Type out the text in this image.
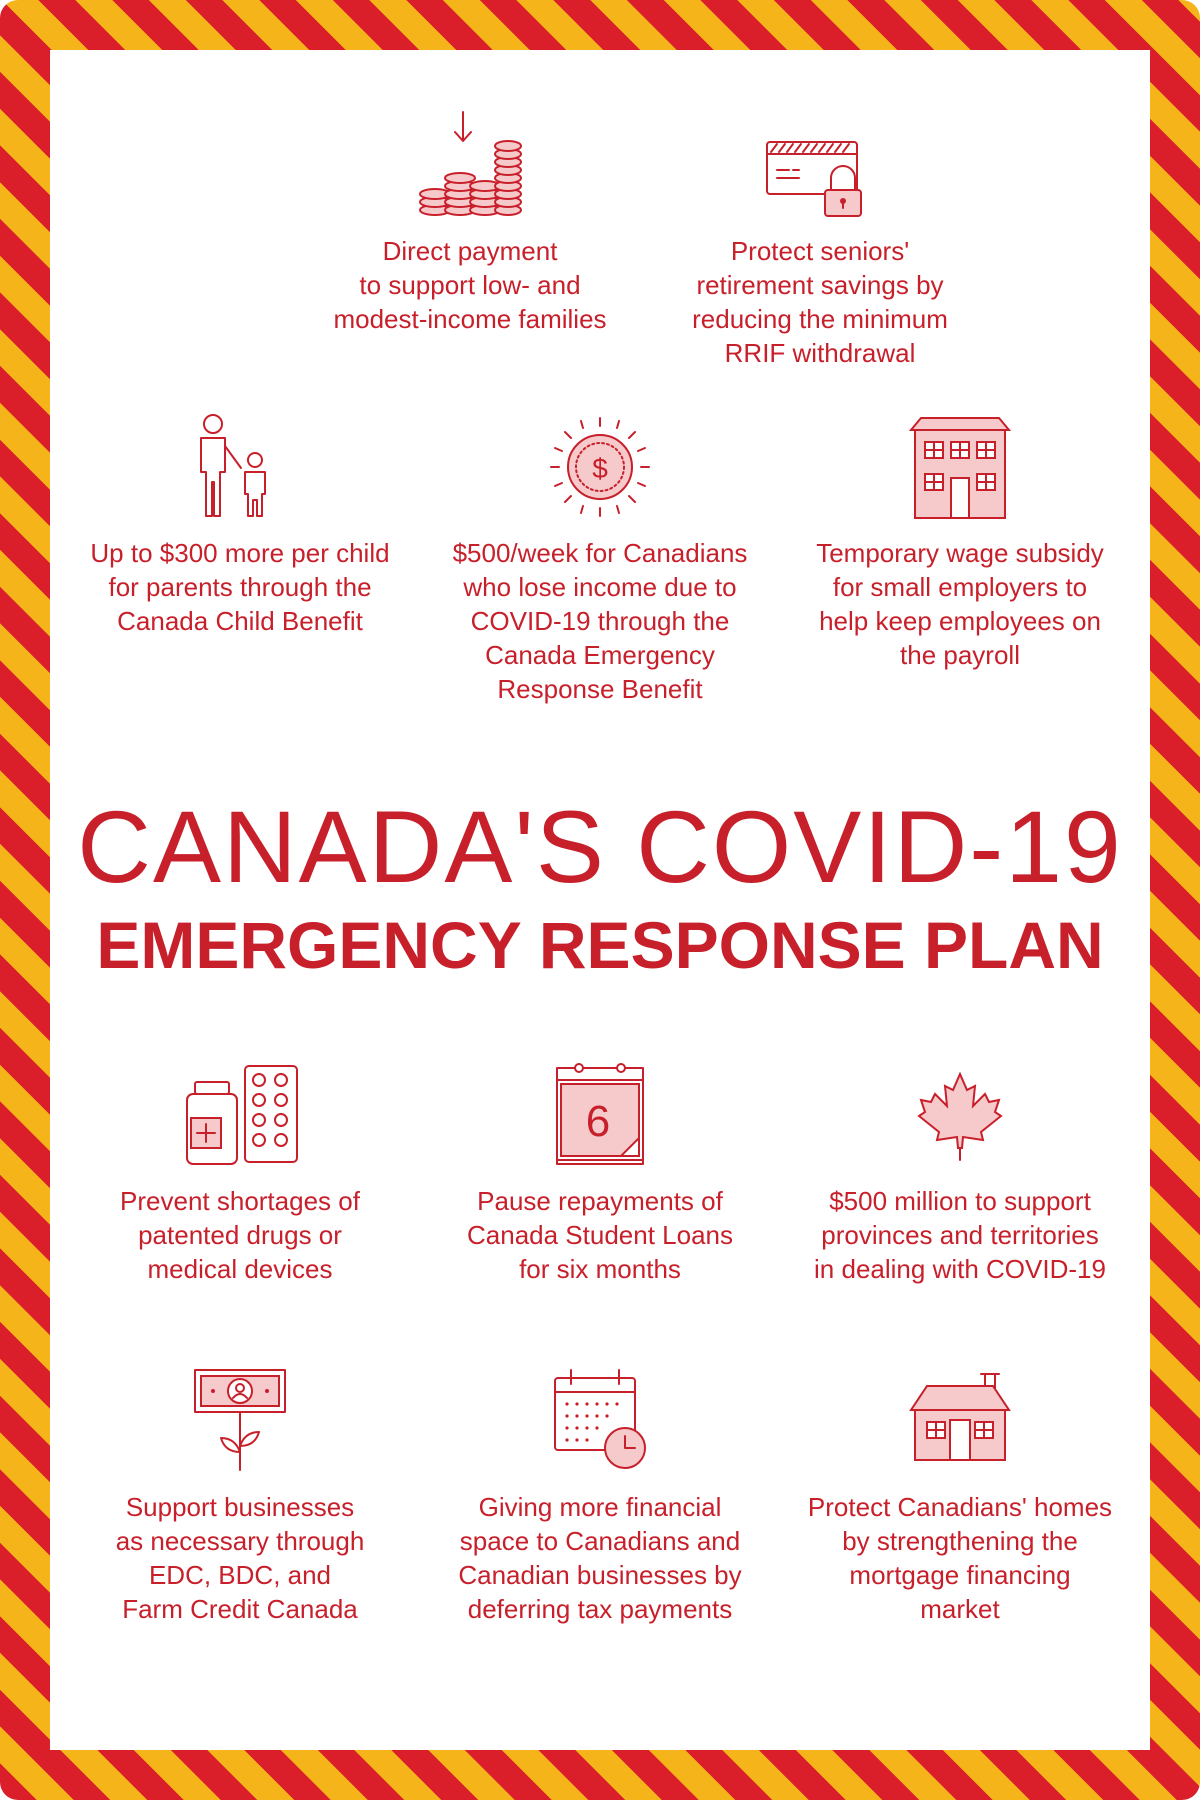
Direct payment
to support low- and
modest-income families
Protect seniors'
retirement savings by
reducing the minimum
RRIF withdrawal
Up to $300 more per child
for parents through the
Canada Child Benefit
$
$500/week for Canadians
who lose income due to
COVID-19 through the
Canada Emergency
Response Benefit
Temporary wage subsidy
for small employers to
help keep employees on
the payroll
CANADA'S COVID-19
EMERGENCY RESPONSE PLAN
Prevent shortages of
patented drugs or
medical devices
6
Pause repayments of
Canada Student Loans
for six months
$500 million to support
provinces and territories
in dealing with COVID-19
Support businesses
as necessary through
EDC, BDC, and
Farm Credit Canada
Giving more financial
space to Canadians and
Canadian businesses by
deferring tax payments
Protect Canadians' homes
by strengthening the
mortgage financing
market
